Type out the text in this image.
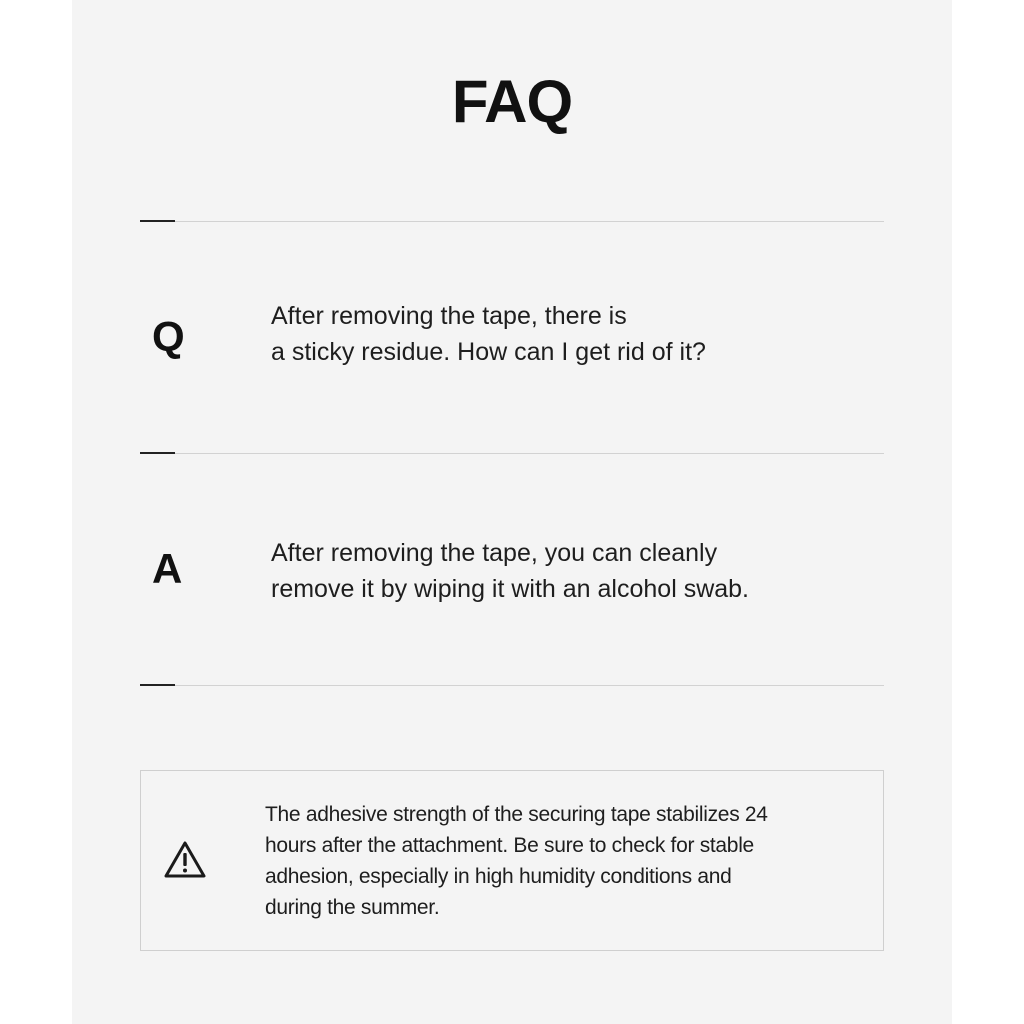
FAQ
Q	After removing the tape, there is
a sticky residue. How can I get rid of it?
A	After removing the tape, you can cleanly
remove it by wiping it with an alcohol swab.
The adhesive strength of the securing tape stabilizes 24
hours after the attachment. Be sure to check for stable
adhesion, especially in high humidity conditions and
during the summer.
